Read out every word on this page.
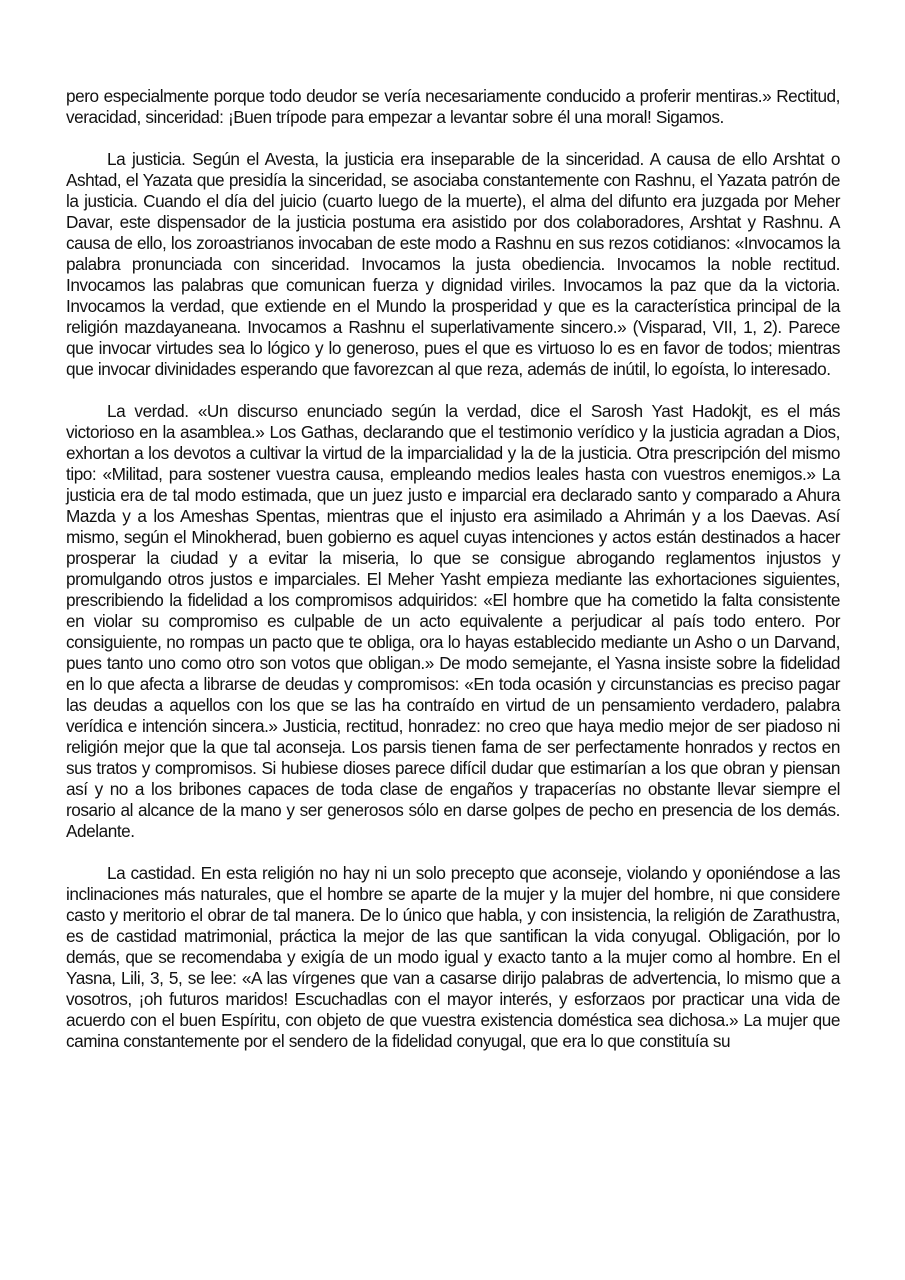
pero especialmente porque todo deudor se vería necesariamente conducido a proferir mentiras.» Rectitud, veracidad, sinceridad: ¡Buen trípode para empezar a levantar sobre él una moral! Sigamos.

La justicia. Según el Avesta, la justicia era inseparable de la sinceridad. A causa de ello Arshtat o Ashtad, el Yazata que presidía la sinceridad, se asociaba constantemente con Rashnu, el Yazata patrón de la justicia. Cuando el día del juicio (cuarto luego de la muerte), el alma del difunto era juzgada por Meher Davar, este dispensador de la justicia postuma era asistido por dos colaboradores, Arshtat y Rashnu. A causa de ello, los zoroastrianos invocaban de este modo a Rashnu en sus rezos cotidianos: «Invocamos la palabra pronunciada con sinceridad. Invocamos la justa obediencia. Invocamos la noble rectitud. Invocamos las palabras que comunican fuerza y dignidad viriles. Invocamos la paz que da la victoria. Invocamos la verdad, que extiende en el Mundo la prosperidad y que es la característica principal de la religión mazdayaneana. Invocamos a Rashnu el superlativamente sincero.» (Visparad, VII, 1, 2). Parece que invocar virtudes sea lo lógico y lo generoso, pues el que es virtuoso lo es en favor de todos; mientras que invocar divinidades esperando que favorezcan al que reza, además de inútil, lo egoísta, lo interesado.

La verdad. «Un discurso enunciado según la verdad, dice el Sarosh Yast Hadokjt, es el más victorioso en la asamblea.» Los Gathas, declarando que el testimonio verídico y la justicia agradan a Dios, exhortan a los devotos a cultivar la virtud de la imparcialidad y la de la justicia. Otra prescripción del mismo tipo: «Militad, para sostener vuestra causa, empleando medios leales hasta con vuestros enemigos.» La justicia era de tal modo estimada, que un juez justo e imparcial era declarado santo y comparado a Ahura Mazda y a los Ameshas Spentas, mientras que el injusto era asimilado a Ahrimán y a los Daevas. Así mismo, según el Minokherad, buen gobierno es aquel cuyas intenciones y actos están destinados a hacer prosperar la ciudad y a evitar la miseria, lo que se consigue abrogando reglamentos injustos y promulgando otros justos e imparciales. El Meher Yasht empieza mediante las exhortaciones siguientes, prescribiendo la fidelidad a los compromisos adquiridos: «El hombre que ha cometido la falta consistente en violar su compromiso es culpable de un acto equivalente a perjudicar al país todo entero. Por consiguiente, no rompas un pacto que te obliga, ora lo hayas establecido mediante un Asho o un Darvand, pues tanto uno como otro son votos que obligan.» De modo semejante, el Yasna insiste sobre la fidelidad en lo que afecta a librarse de deudas y compromisos: «En toda ocasión y circunstancias es preciso pagar las deudas a aquellos con los que se las ha contraído en virtud de un pensamiento verdadero, palabra verídica e intención sincera.» Justicia, rectitud, honradez: no creo que haya medio mejor de ser piadoso ni religión mejor que la que tal aconseja. Los parsis tienen fama de ser perfectamente honrados y rectos en sus tratos y compromisos. Si hubiese dioses parece difícil dudar que estimarían a los que obran y piensan así y no a los bribones capaces de toda clase de engaños y trapacerías no obstante llevar siempre el rosario al alcance de la mano y ser generosos sólo en darse golpes de pecho en presencia de los demás. Adelante.

La castidad. En esta religión no hay ni un solo precepto que aconseje, violando y oponiéndose a las inclinaciones más naturales, que el hombre se aparte de la mujer y la mujer del hombre, ni que considere casto y meritorio el obrar de tal manera. De lo único que habla, y con insistencia, la religión de Zarathustra, es de castidad matrimonial, práctica la mejor de las que santifican la vida conyugal. Obligación, por lo demás, que se recomendaba y exigía de un modo igual y exacto tanto a la mujer como al hombre. En el Yasna, Lili, 3, 5, se lee: «A las vírgenes que van a casarse dirijo palabras de advertencia, lo mismo que a vosotros, ¡oh futuros maridos! Escuchadlas con el mayor interés, y esforzaos por practicar una vida de acuerdo con el buen Espíritu, con objeto de que vuestra existencia doméstica sea dichosa.» La mujer que camina constantemente por el sendero de la fidelidad conyugal, que era lo que constituía su
